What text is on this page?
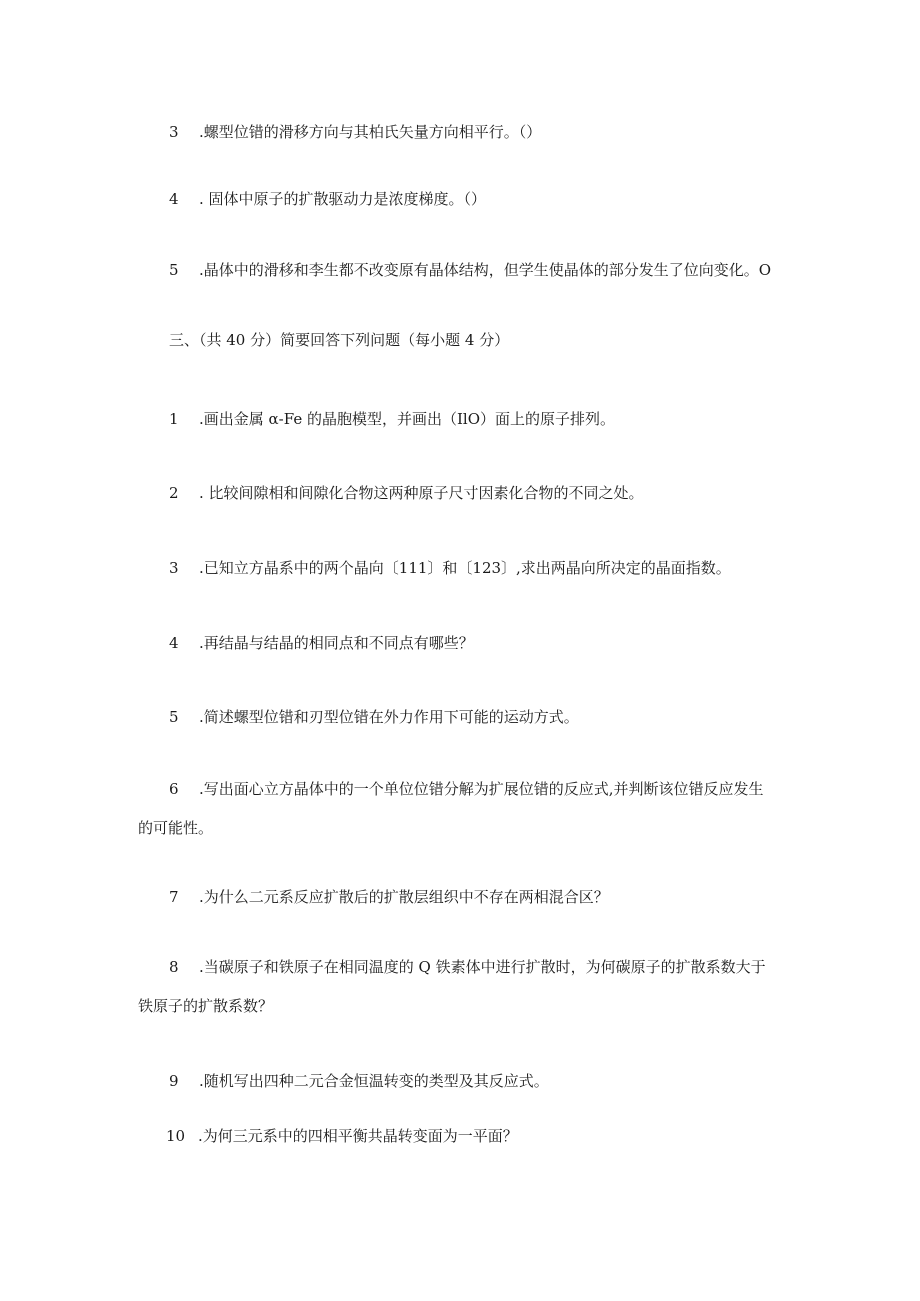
3 .螺型位错的滑移方向与其柏氏矢量方向相平行。（）
4 . 固体中原子的扩散驱动力是浓度梯度。（）
5 .晶体中的滑移和李生都不改变原有晶体结构，但学生使晶体的部分发生了位向变化。O
三、（共 40 分）简要回答下列问题（每小题 4 分）
1 .画出金属 α-Fe 的晶胞模型，并画出（IlO）面上的原子排列。
2 . 比较间隙相和间隙化合物这两种原子尺寸因素化合物的不同之处。
3 .已知立方晶系中的两个晶向〔111〕和〔123〕,求出两晶向所决定的晶面指数。
4 .再结晶与结晶的相同点和不同点有哪些？
5 .简述螺型位错和刃型位错在外力作用下可能的运动方式。
6 .写出面心立方晶体中的一个单位位错分解为扩展位错的反应式,并判断该位错反应发生
的可能性。
7 .为什么二元系反应扩散后的扩散层组织中不存在两相混合区？
8 .当碳原子和铁原子在相同温度的 Q 铁素体中进行扩散时，为何碳原子的扩散系数大于
铁原子的扩散系数？
9 .随机写出四种二元合金恒温转变的类型及其反应式。
10 .为何三元系中的四相平衡共晶转变面为一平面？
